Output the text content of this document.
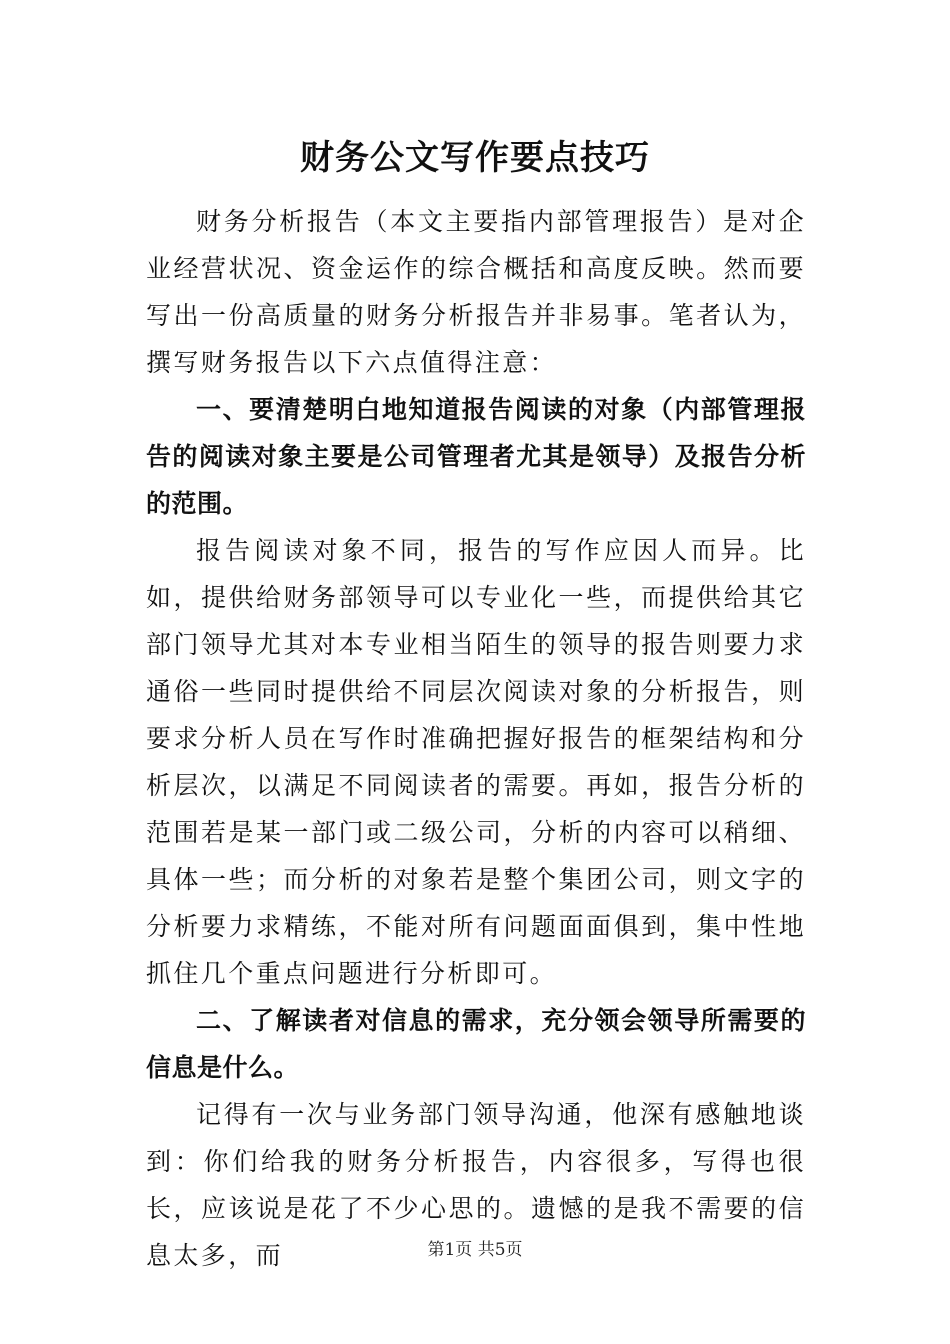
财务公文写作要点技巧

财务分析报告（本文主要指内部管理报告）是对企业经营状况、资金运作的综合概括和高度反映。然而要写出一份高质量的财务分析报告并非易事。笔者认为，撰写财务报告以下六点值得注意：

一、要清楚明白地知道报告阅读的对象（内部管理报告的阅读对象主要是公司管理者尤其是领导）及报告分析的范围。

报告阅读对象不同，报告的写作应因人而异。比如，提供给财务部领导可以专业化一些，而提供给其它部门领导尤其对本专业相当陌生的领导的报告则要力求通俗一些同时提供给不同层次阅读对象的分析报告，则要求分析人员在写作时准确把握好报告的框架结构和分析层次，以满足不同阅读者的需要。再如，报告分析的范围若是某一部门或二级公司，分析的内容可以稍细、具体一些；而分析的对象若是整个集团公司，则文字的分析要力求精练，不能对所有问题面面俱到，集中性地抓住几个重点问题进行分析即可。

二、了解读者对信息的需求，充分领会领导所需要的信息是什么。

记得有一次与业务部门领导沟通，他深有感触地谈到：你们给我的财务分析报告，内容很多，写得也很长，应该说是花了不少心思的。遗憾的是我不需要的信息太多，而	第1页 共5页
